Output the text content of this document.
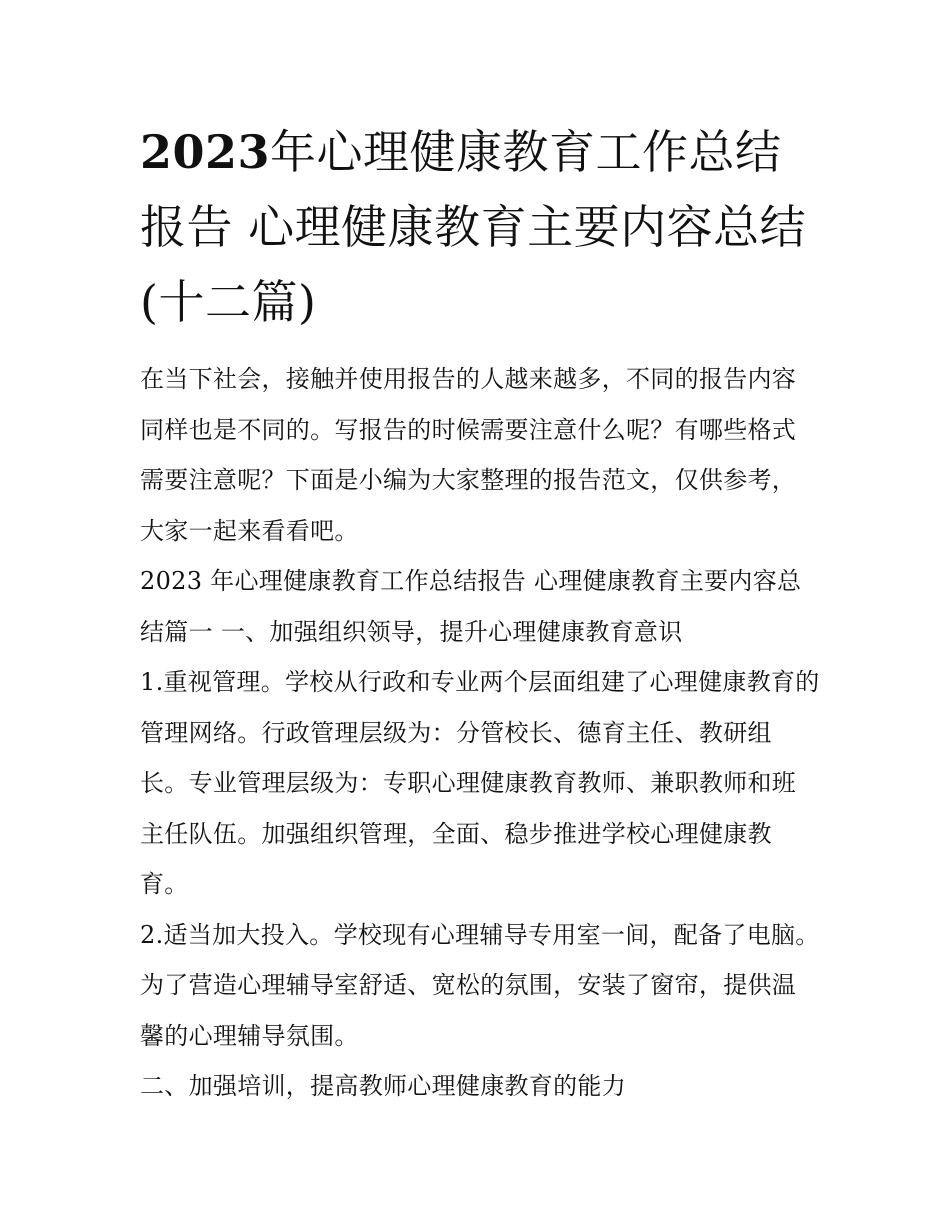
2023年心理健康教育工作总结报告 心理健康教育主要内容总结(十二篇)

在当下社会，接触并使用报告的人越来越多，不同的报告内容同样也是不同的。写报告的时候需要注意什么呢？有哪些格式需要注意呢？下面是小编为大家整理的报告范文，仅供参考，大家一起来看看吧。

2023 年心理健康教育工作总结报告 心理健康教育主要内容总结篇一 一、加强组织领导，提升心理健康教育意识

1.重视管理。学校从行政和专业两个层面组建了心理健康教育的管理网络。行政管理层级为：分管校长、德育主任、教研组长。专业管理层级为：专职心理健康教育教师、兼职教师和班主任队伍。加强组织管理，全面、稳步推进学校心理健康教育。

2.适当加大投入。学校现有心理辅导专用室一间，配备了电脑。为了营造心理辅导室舒适、宽松的氛围，安装了窗帘，提供温馨的心理辅导氛围。

二、加强培训，提高教师心理健康教育的能力
